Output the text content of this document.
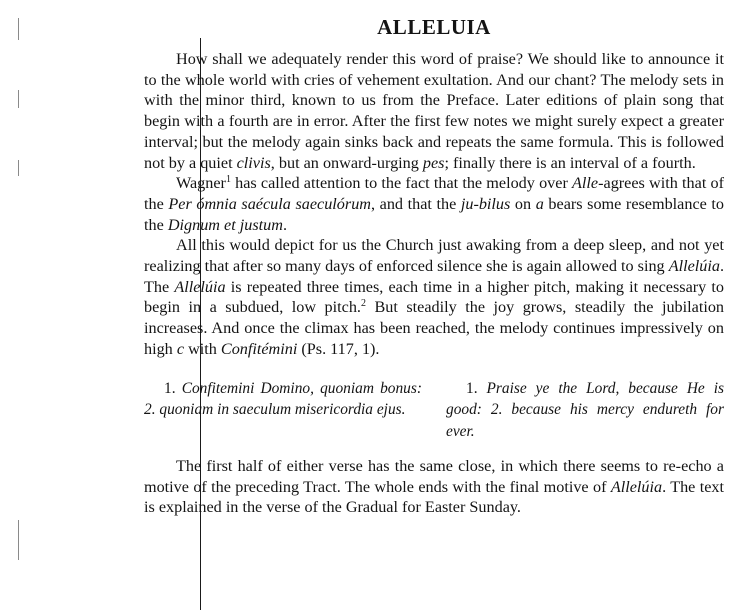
ALLELUIA

How shall we adequately render this word of praise? We should like to announce it to the whole world with cries of vehement exultation. And our chant? The melody sets in with the minor third, known to us from the Preface. Later editions of plain song that begin with a fourth are in error. After the first few notes we might surely expect a greater interval; but the melody again sinks back and repeats the same formula. This is followed not by a quiet clivis, but an onward-urging pes; finally there is an interval of a fourth.

Wagner$^1$ has called attention to the fact that the melody over Alle-agrees with that of the Per ómnia saécula saeculórum, and that the ju-bilus on a bears some resemblance to the Dignum et justum.

All this would depict for us the Church just awaking from a deep sleep, and not yet realizing that after so many days of enforced silence she is again allowed to sing Allelúia. The Allelúia is repeated three times, each time in a higher pitch, making it necessary to begin in a subdued, low pitch.$^2$ But steadily the joy grows, steadily the jubilation increases. And once the climax has been reached, the melody continues impressively on high c with Confitémini (Ps. 117, 1).

1. Confitemini Domino, quoniam bonus: 2. quoniam in saeculum misericordia ejus.
1. Praise ye the Lord, because He is good: 2. because his mercy endureth for ever.

The first half of either verse has the same close, in which there seems to re-echo a motive of the preceding Tract. The whole ends with the final motive of Allelúia. The text is explained in the verse of the Gradual for Easter Sunday.
